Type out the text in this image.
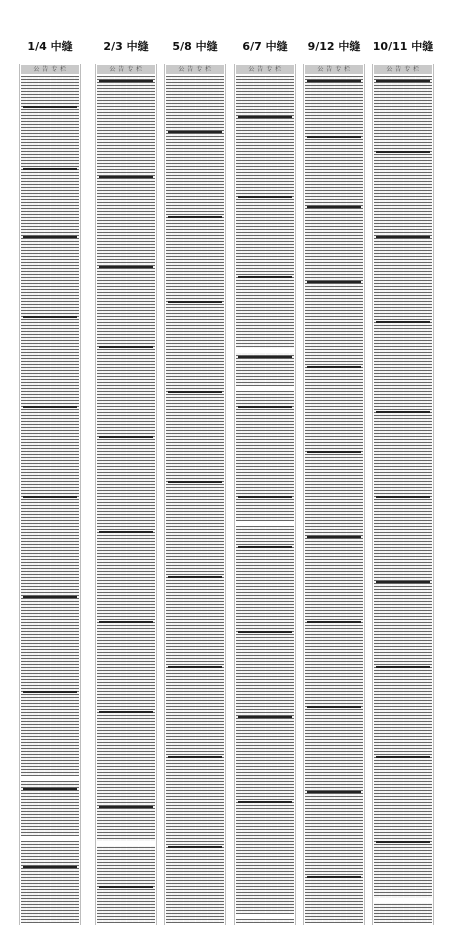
1/4 中缝
公 告 专 栏
2/3 中缝
公 告 专 栏
5/8 中缝
公 告 专 栏
6/7 中缝
公 告 专 栏
9/12 中缝
公 告 专 栏
10/11 中缝
公 告 专 栏
